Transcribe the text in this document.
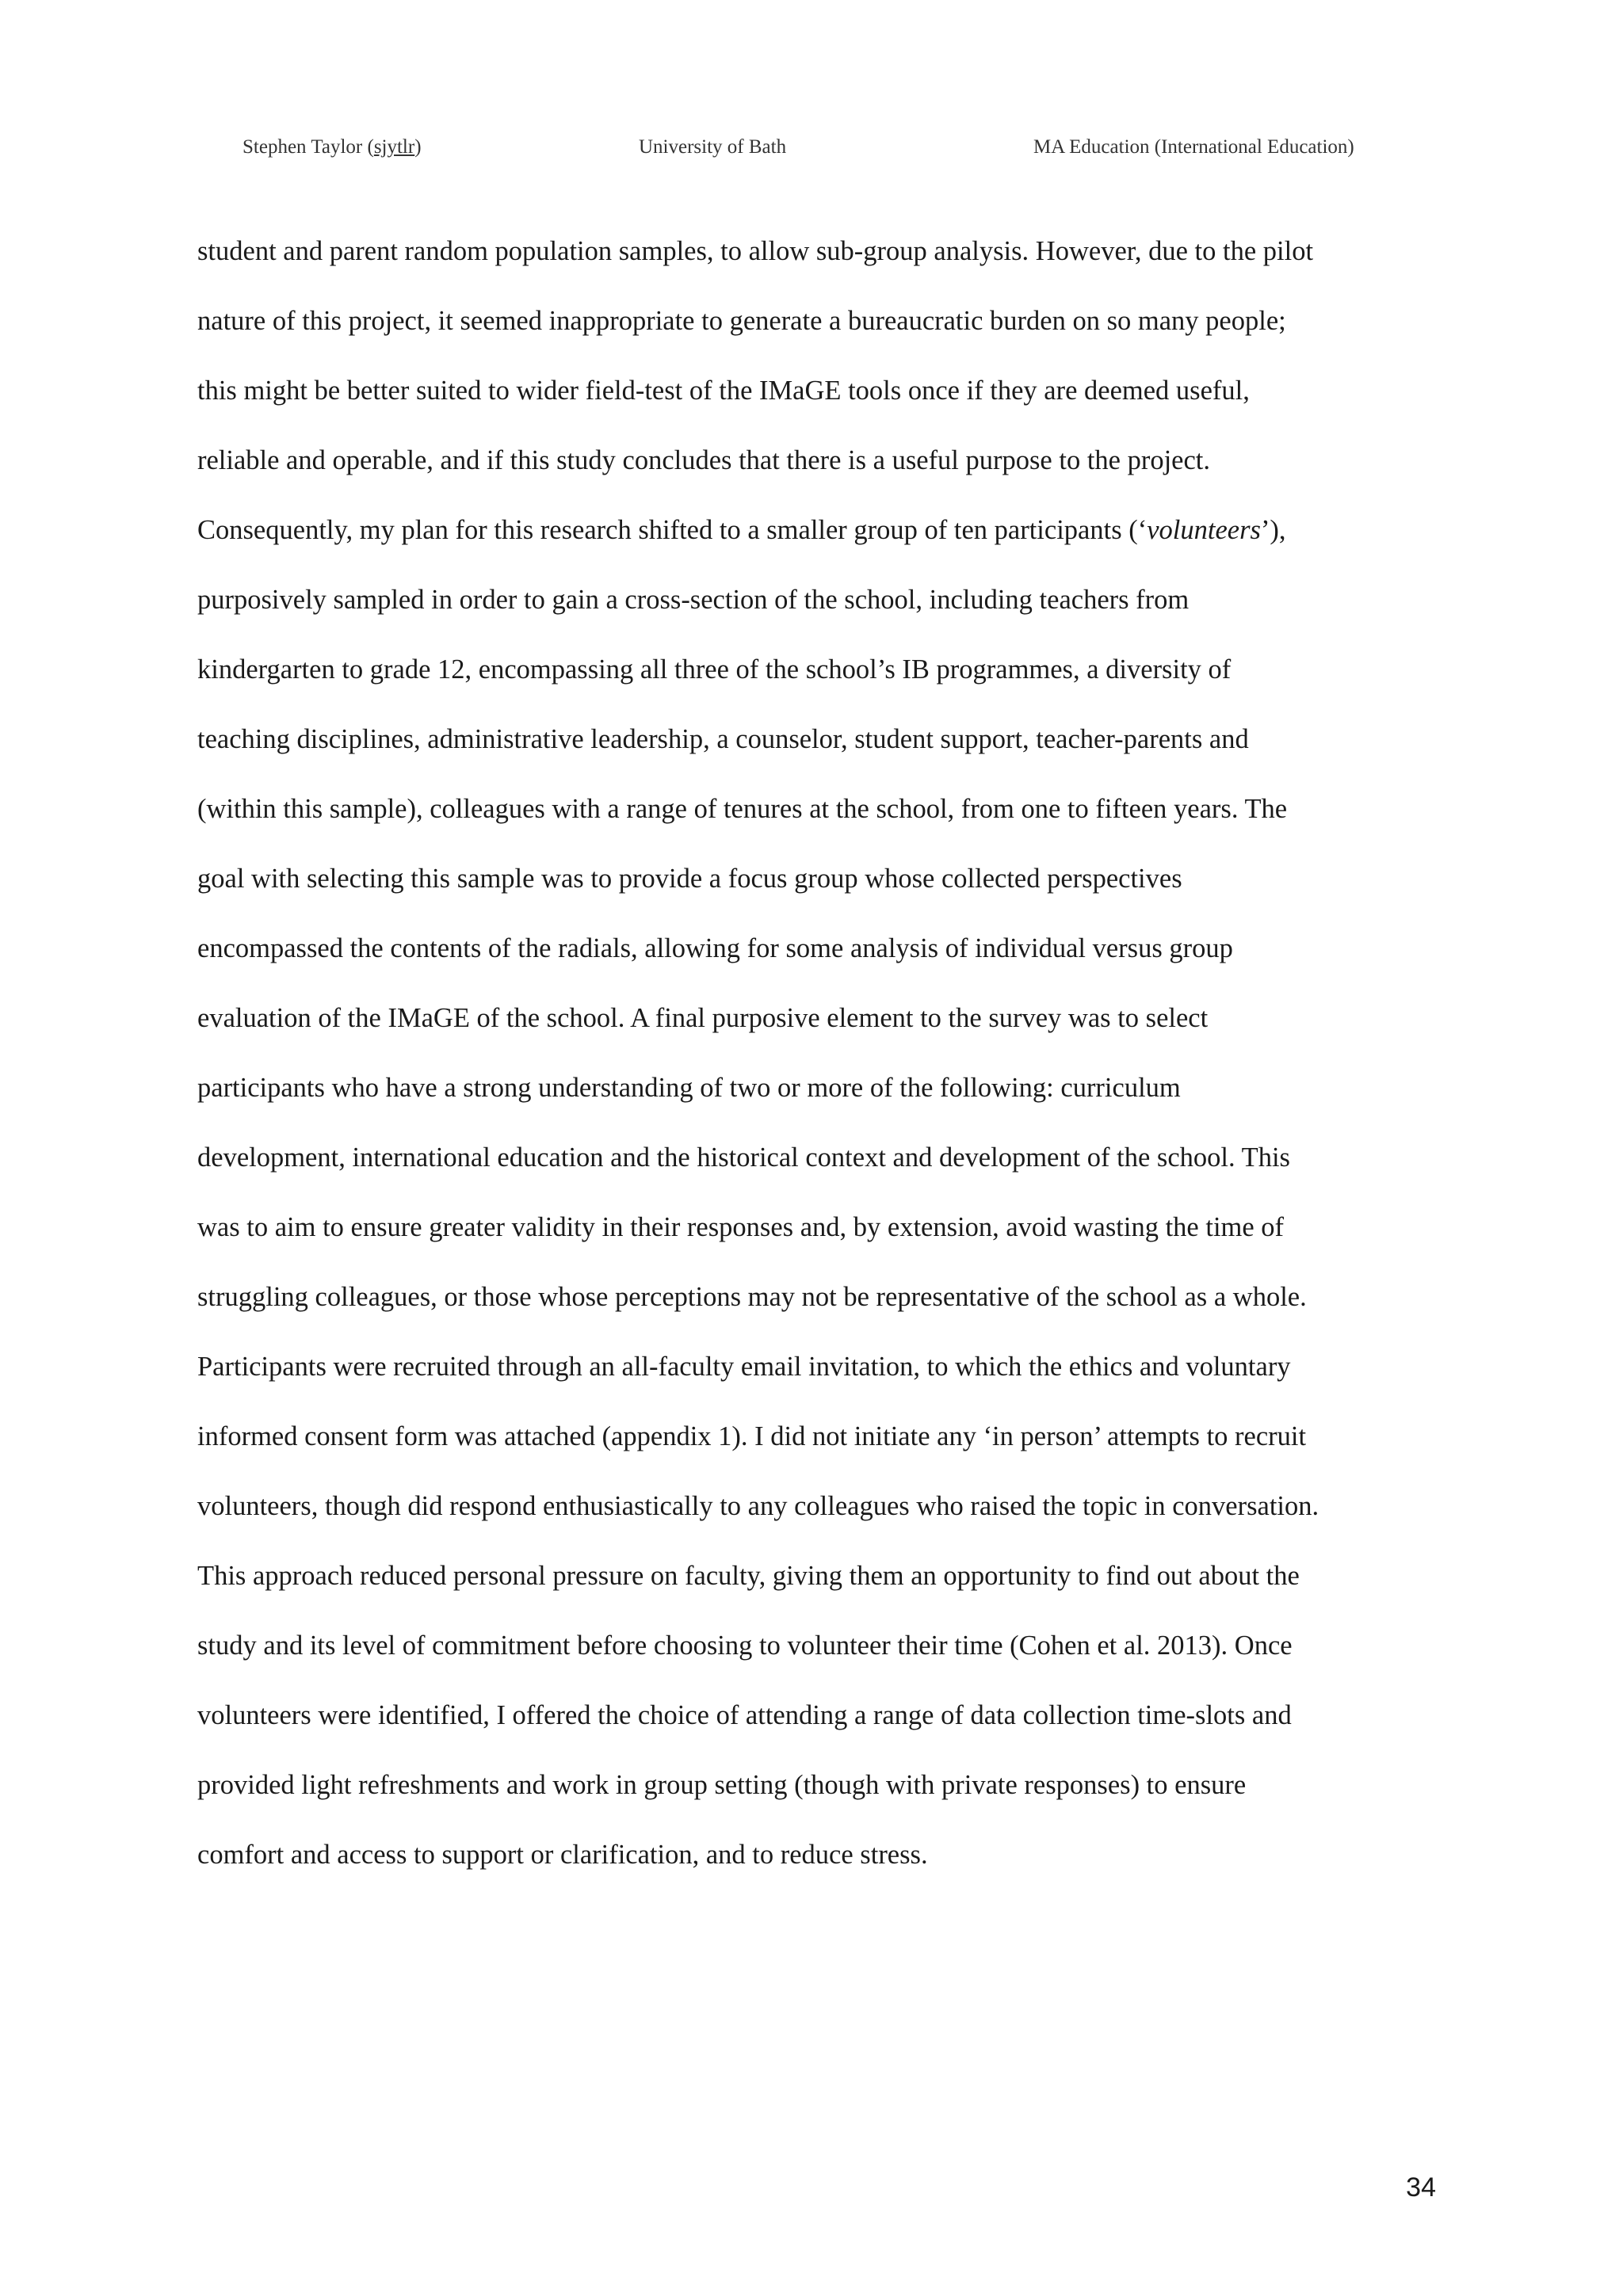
Stephen Taylor (sjytlr)	University of Bath	MA Education (International Education)
student and parent random population samples, to allow sub-group analysis. However, due to the pilot
nature of this project, it seemed inappropriate to generate a bureaucratic burden on so many people;
this might be better suited to wider field-test of the IMaGE tools once if they are deemed useful,
reliable and operable, and if this study concludes that there is a useful purpose to the project.
Consequently, my plan for this research shifted to a smaller group of ten participants (‘volunteers’),
purposively sampled in order to gain a cross-section of the school, including teachers from
kindergarten to grade 12, encompassing all three of the school’s IB programmes, a diversity of
teaching disciplines, administrative leadership, a counselor, student support, teacher-parents and
(within this sample), colleagues with a range of tenures at the school, from one to fifteen years. The
goal with selecting this sample was to provide a focus group whose collected perspectives
encompassed the contents of the radials, allowing for some analysis of individual versus group
evaluation of the IMaGE of the school. A final purposive element to the survey was to select
participants who have a strong understanding of two or more of the following: curriculum
development, international education and the historical context and development of the school. This
was to aim to ensure greater validity in their responses and, by extension, avoid wasting the time of
struggling colleagues, or those whose perceptions may not be representative of the school as a whole.
Participants were recruited through an all-faculty email invitation, to which the ethics and voluntary
informed consent form was attached (appendix 1). I did not initiate any ‘in person’ attempts to recruit
volunteers, though did respond enthusiastically to any colleagues who raised the topic in conversation.
This approach reduced personal pressure on faculty, giving them an opportunity to find out about the
study and its level of commitment before choosing to volunteer their time (Cohen et al. 2013). Once
volunteers were identified, I offered the choice of attending a range of data collection time-slots and
provided light refreshments and work in group setting (though with private responses) to ensure
comfort and access to support or clarification, and to reduce stress.
34
